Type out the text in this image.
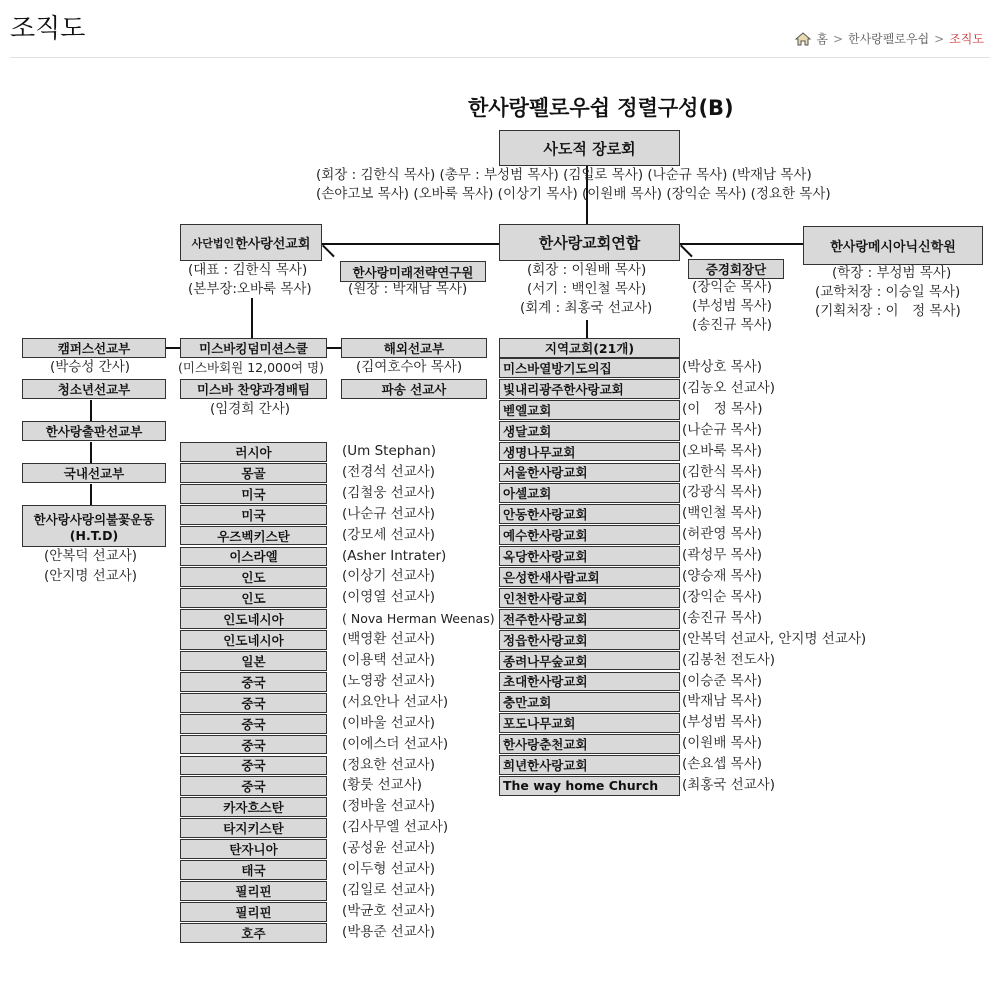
조직도	홈 > 한사랑펠로우쉽 > 조직도
한사랑펠로우쉽 정렬구성(B)
사도적 장로회
(회장 : 김한식 목사) (총무 : 부성범 목사) (김일로 목사) (나순규 목사) (박재남 목사)
(손야고보 목사) (오바룩 목사) (이상기 목사) (이원배 목사) (장익순 목사) (정요한 목사)
사단법인 한사랑선교회
(대표 : 김한식 목사)
(본부장:오바룩 목사)
한사랑미래전략연구원
(원장 : 박재남 목사)
한사랑교회연합
(회장 : 이원배 목사)
(서기 : 백인철 목사)
(회계 : 최홍국 선교사)
증경회장단
(장익순 목사)
(부성범 목사)
(송진규 목사)
한사랑메시아닉신학원
(학장 : 부성범 목사)
(교학처장 : 이승일 목사)
(기획처장 : 이　정 목사)
캠퍼스선교부
(박승성 간사)
청소년선교부
한사랑출판선교부
국내선교부
한사랑사랑의불꽃운동
(H.T.D)
(안복덕 선교사)
(안지명 선교사)
미스바킹덤미션스쿨
(미스바회원 12,000여 명)
미스바 찬양과경배팀
(임경희 간사)
해외선교부
(김여호수아 목사)
파송 선교사
러시아	(Um Stephan)
몽골	(전경석 선교사)
미국	(김철웅 선교사)
미국	(나순규 선교사)
우즈벡키스탄	(강모세 선교사)
이스라엘	(Asher Intrater)
인도	(이상기 선교사)
인도	(이영열 선교사)
인도네시아	( Nova Herman Weenas)
인도네시아	(백영환 선교사)
일본	(이용택 선교사)
중국	(노영광 선교사)
중국	(서요안나 선교사)
중국	(이바울 선교사)
중국	(이에스더 선교사)
중국	(정요한 선교사)
중국	(황룻 선교사)
카자흐스탄	(정바울 선교사)
타지키스탄	(김사무엘 선교사)
탄자니아	(공성윤 선교사)
태국	(이두형 선교사)
필리핀	(김일로 선교사)
필리핀	(박균호 선교사)
호주	(박용준 선교사)
지역교회(21개)
미스바열방기도의집	(박상호 목사)
빛내리광주한사랑교회	(김농오 선교사)
벧엘교회	(이　정 목사)
생달교회	(나순규 목사)
생명나무교회	(오바룩 목사)
서울한사랑교회	(김한식 목사)
아셀교회	(강광식 목사)
안동한사랑교회	(백인철 목사)
예수한사랑교회	(허관영 목사)
옥당한사랑교회	(곽성무 목사)
은성한새사람교회	(양승재 목사)
인천한사랑교회	(장익순 목사)
전주한사랑교회	(송진규 목사)
정읍한사랑교회	(안복덕 선교사, 안지명 선교사)
종려나무숲교회	(김봉천 전도사)
초대한사랑교회	(이승준 목사)
충만교회	(박재남 목사)
포도나무교회	(부성범 목사)
한사랑춘천교회	(이원배 목사)
희년한사랑교회	(손요셉 목사)
The way home Church	(최홍국 선교사)
